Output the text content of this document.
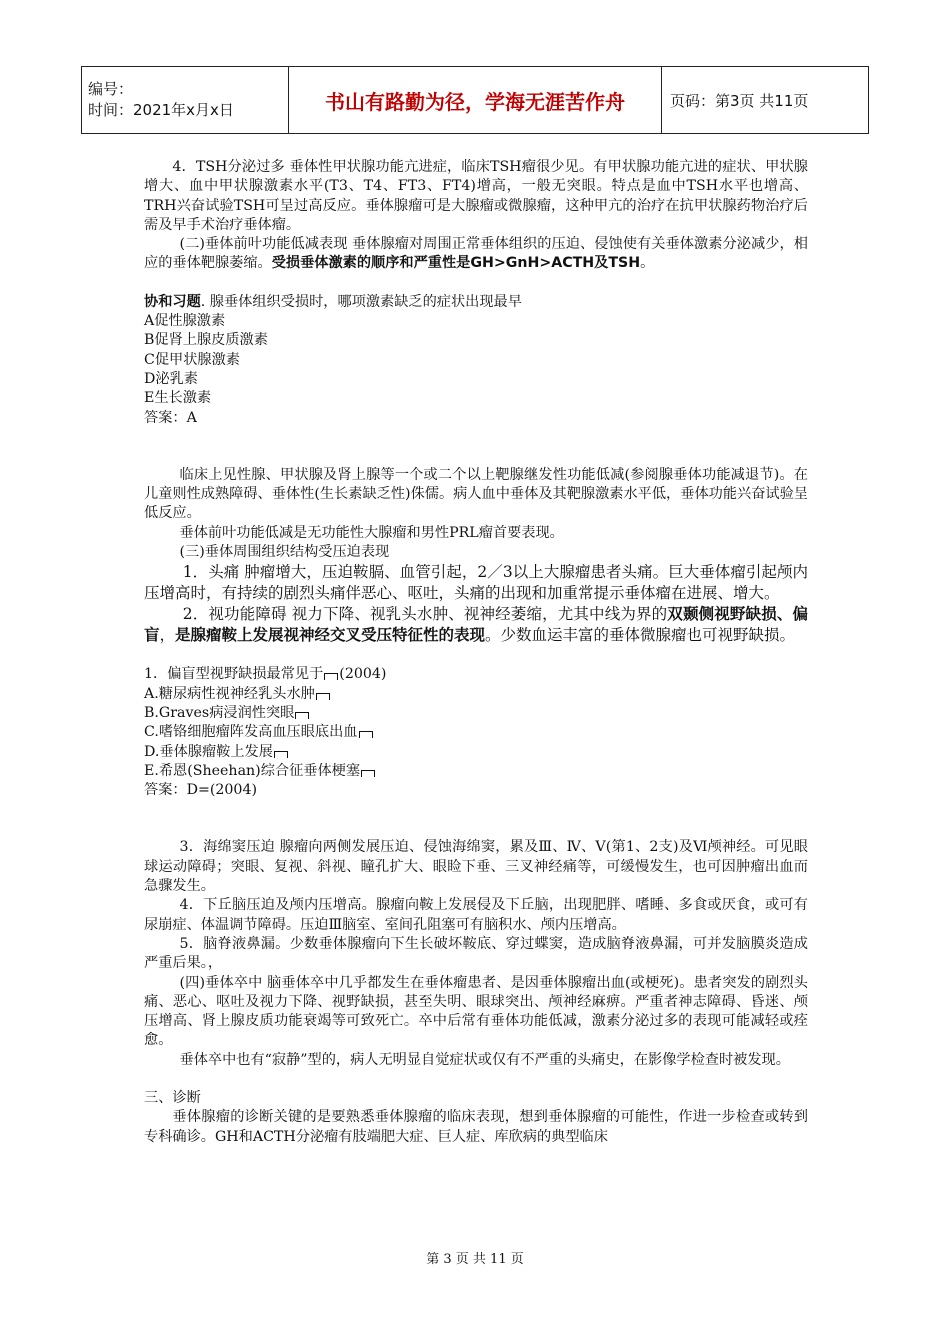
编号：
时间：2021年x月x日	书山有路勤为径，学海无涯苦作舟	页码：第3页 共11页

4．TSH分泌过多 垂体性甲状腺功能亢进症，临床TSH瘤很少见。有甲状腺功能亢进的症状、甲状腺增大、血中甲状腺激素水平(T3、T4、FT3、FT4)增高，一般无突眼。特点是血中TSH水平也增高、TRH兴奋试验TSH可呈过高反应。垂体腺瘤可是大腺瘤或微腺瘤，这种甲亢的治疗在抗甲状腺药物治疗后需及早手术治疗垂体瘤。

(二)垂体前叶功能低减表现 垂体腺瘤对周围正常垂体组织的压迫、侵蚀使有关垂体激素分泌减少，相应的垂体靶腺萎缩。受损垂体激素的顺序和严重性是GH>GnH>ACTH及TSH。

协和习题. 腺垂体组织受损时，哪项激素缺乏的症状出现最早

A促性腺激素

B促肾上腺皮质激素

C促甲状腺激素

D泌乳素

E生长激素

答案：A

临床上见性腺、甲状腺及肾上腺等一个或二个以上靶腺继发性功能低减(参阅腺垂体功能减退节)。在儿童则性成熟障碍、垂体性(生长素缺乏性)侏儒。病人血中垂体及其靶腺激素水平低，垂体功能兴奋试验呈低反应。

垂体前叶功能低减是无功能性大腺瘤和男性PRL瘤首要表现。

(三)垂体周围组织结构受压迫表现

1．头痛 肿瘤增大，压迫鞍膈、血管引起，2／3以上大腺瘤患者头痛。巨大垂体瘤引起颅内压增高时，有持续的剧烈头痛伴恶心、呕吐，头痛的出现和加重常提示垂体瘤在进展、增大。

2．视功能障碍 视力下降、视乳头水肿、视神经萎缩，尤其中线为界的双颞侧视野缺损、偏盲，是腺瘤鞍上发展视神经交叉受压特征性的表现。少数血运丰富的垂体微腺瘤也可视野缺损。

1．偏盲型视野缺损最常见于 (2004)

A.糖尿病性视神经乳头水肿

B.Graves病浸润性突眼

C.嗜铬细胞瘤阵发高血压眼底出血

D.垂体腺瘤鞍上发展

E.希恩(Sheehan)综合征垂体梗塞

答案：D=(2004)

3．海绵窦压迫 腺瘤向两侧发展压迫、侵蚀海绵窦，累及Ⅲ、Ⅳ、Ⅴ(第1、2支)及Ⅵ颅神经。可见眼球运动障碍；突眼、复视、斜视、瞳孔扩大、眼睑下垂、三叉神经痛等，可缓慢发生，也可因肿瘤出血而急骤发生。

4．下丘脑压迫及颅内压增高。腺瘤向鞍上发展侵及下丘脑，出现肥胖、嗜睡、多食或厌食，或可有尿崩症、体温调节障碍。压迫Ⅲ脑室、室间孔阻塞可有脑积水、颅内压增高。

5．脑脊液鼻漏。少数垂体腺瘤向下生长破坏鞍底、穿过蝶窦，造成脑脊液鼻漏，可并发脑膜炎造成严重后果。，

(四)垂体卒中 脑垂体卒中几乎都发生在垂体瘤患者、是因垂体腺瘤出血(或梗死)。患者突发的剧烈头痛、恶心、呕吐及视力下降、视野缺损，甚至失明、眼球突出、颅神经麻痹。严重者神志障碍、昏迷、颅压增高、肾上腺皮质功能衰竭等可致死亡。卒中后常有垂体功能低减，激素分泌过多的表现可能减轻或痊愈。

垂体卒中也有“寂静”型的，病人无明显自觉症状或仅有不严重的头痛史，在影像学检查时被发现。

三、诊断

垂体腺瘤的诊断关键的是要熟悉垂体腺瘤的临床表现，想到垂体腺瘤的可能性，作进一步检查或转到专科确诊。GH和ACTH分泌瘤有肢端肥大症、巨人症、库欣病的典型临床

第 3 页 共 11 页
